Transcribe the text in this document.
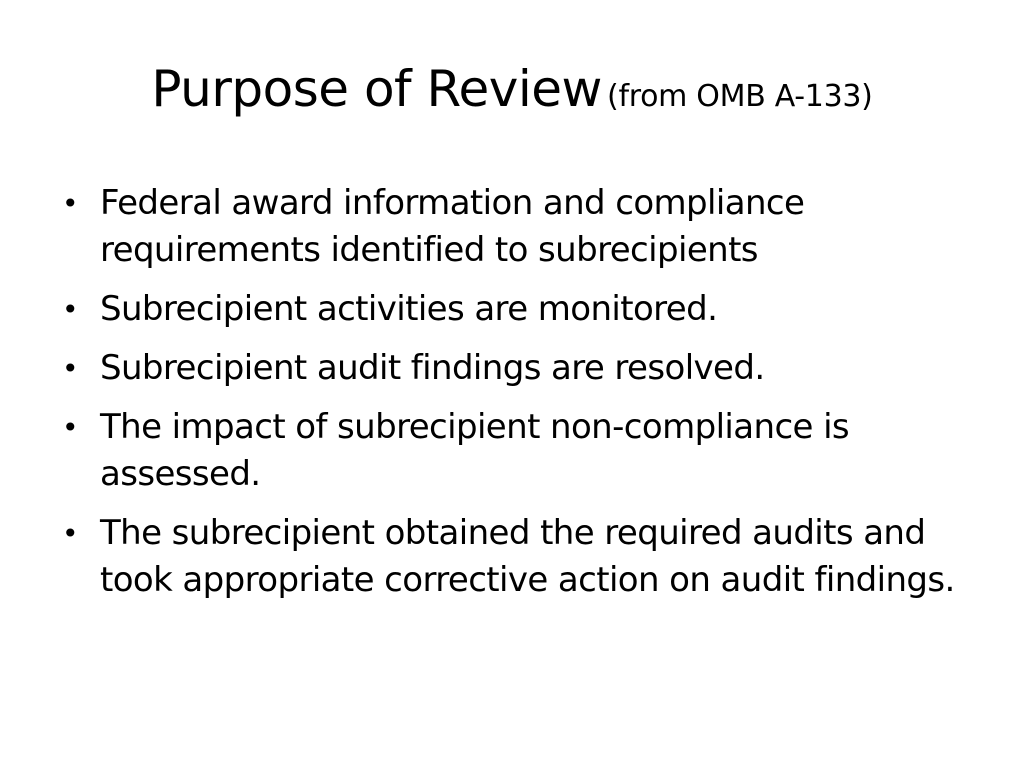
Purpose of Review (from OMB A-133)
• Federal award information and compliance requirements identified to subrecipients
• Subrecipient activities are monitored.
• Subrecipient audit findings are resolved.
• The impact of subrecipient non-compliance is assessed.
• The subrecipient obtained the required audits and took appropriate corrective action on audit findings.
